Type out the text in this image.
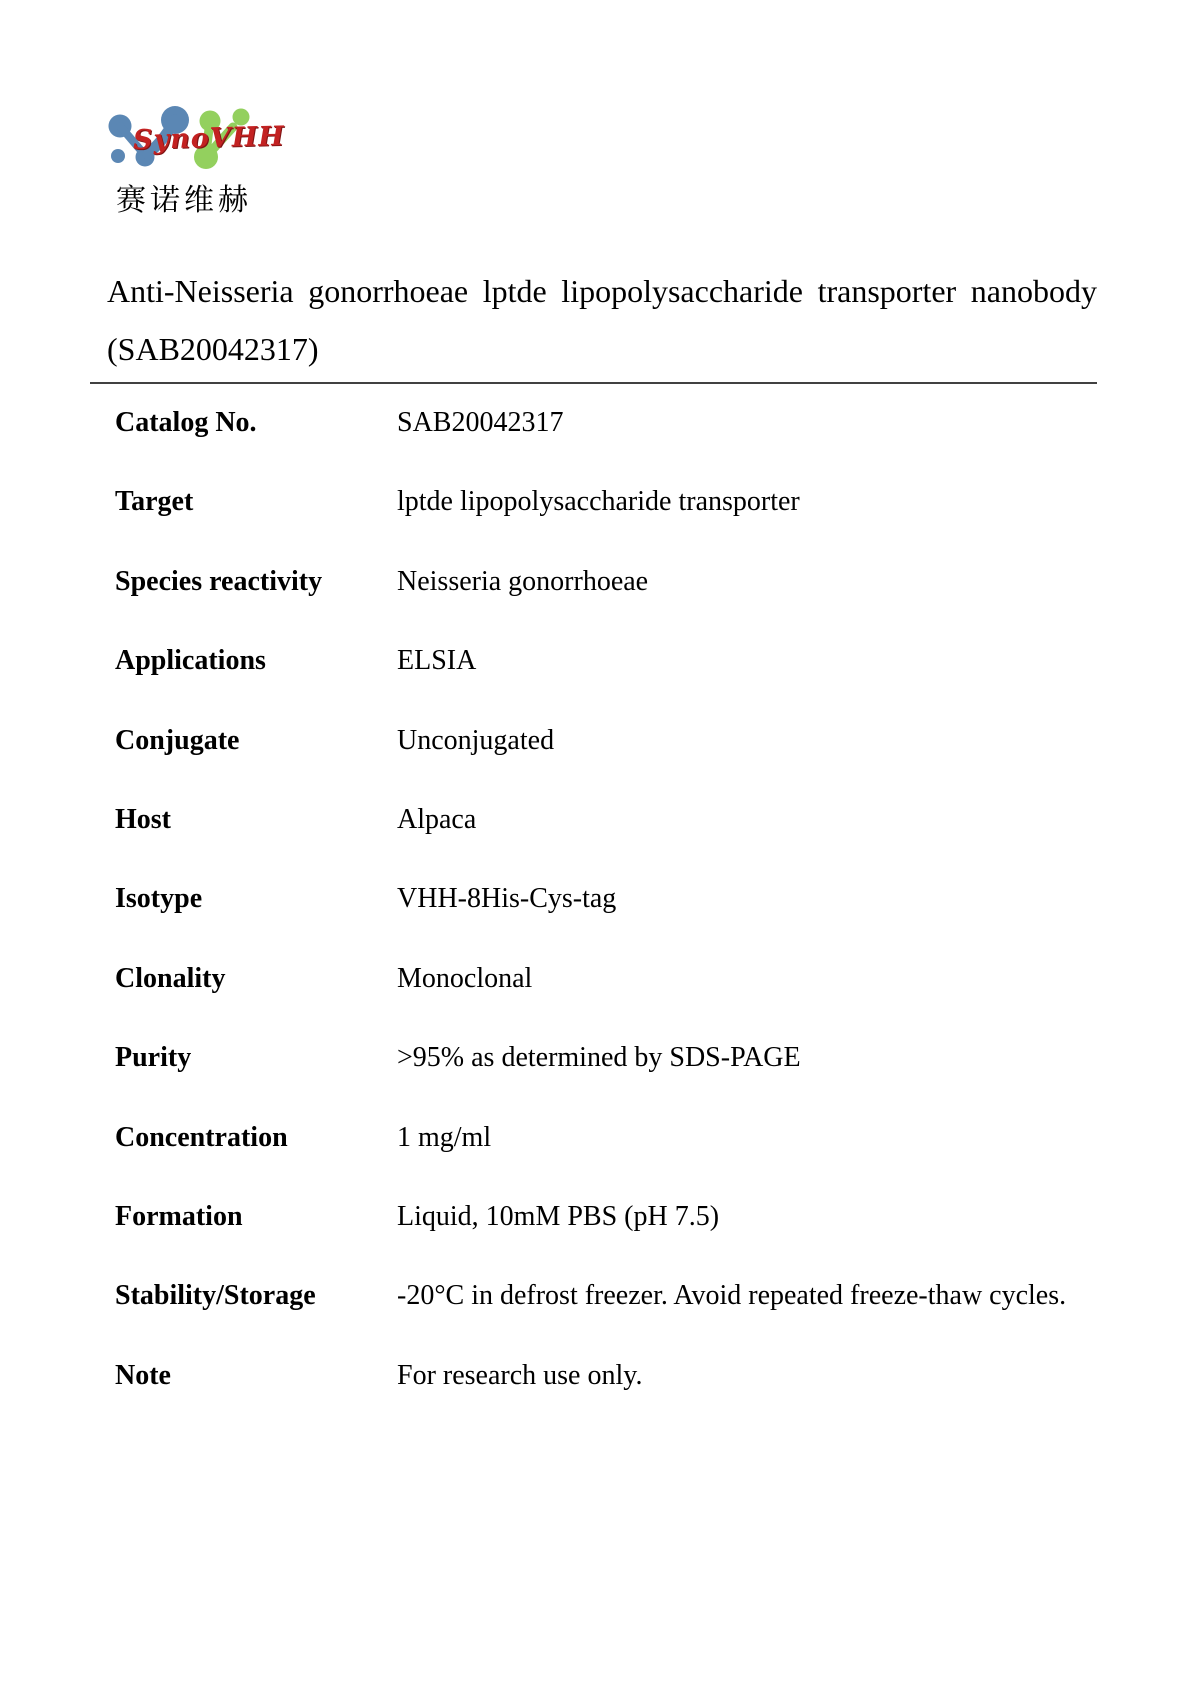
SynoVHH
赛诺维赫
Anti-Neisseria gonorrhoeae lptde lipopolysaccharide transporter nanobody
(SAB20042317)
Catalog No.	SAB20042317
Target	lptde lipopolysaccharide transporter
Species reactivity	Neisseria gonorrhoeae
Applications	ELSIA
Conjugate	Unconjugated
Host	Alpaca
Isotype	VHH-8His-Cys-tag
Clonality	Monoclonal
Purity	>95% as determined by SDS-PAGE
Concentration	1 mg/ml
Formation	Liquid, 10mM PBS (pH 7.5)
Stability/Storage	-20°C in defrost freezer. Avoid repeated freeze-thaw cycles.
Note	For research use only.
